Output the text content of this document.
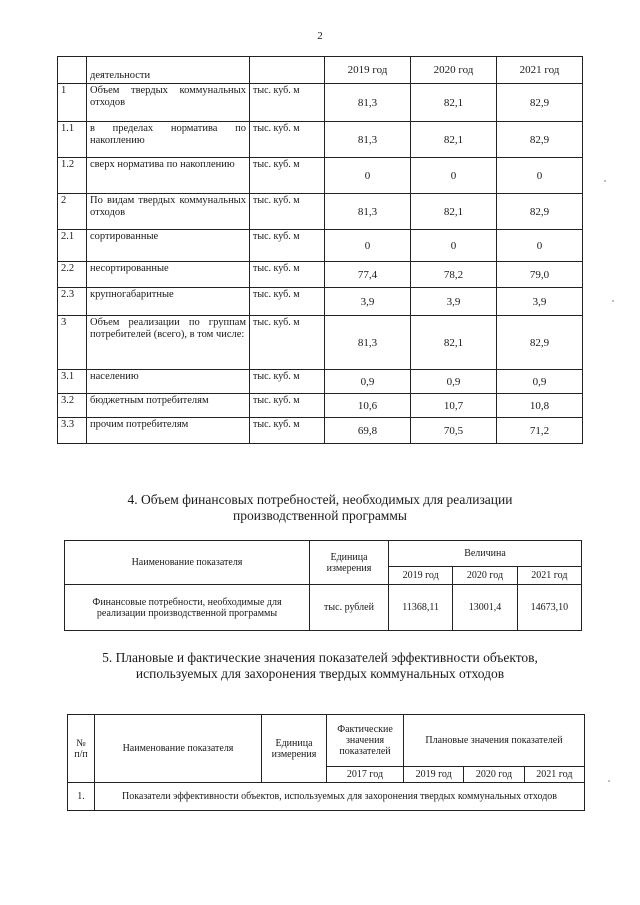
2
	деятельности		2019 год	2020 год	2021 год
1	Объем твердых коммунальных отходов	тыс. куб. м	81,3	82,1	82,9
1.1	в пределах норматива по накоплению	тыс. куб. м	81,3	82,1	82,9
1.2	сверх норматива по накоплению	тыс. куб. м	0	0	0
2	По видам твердых коммунальных отходов	тыс. куб. м	81,3	82,1	82,9
2.1	сортированные	тыс. куб. м	0	0	0
2.2	несортированные	тыс. куб. м	77,4	78,2	79,0
2.3	крупногабаритные	тыс. куб. м	3,9	3,9	3,9
3	Объем реализации по группам потребителей (всего), в том числе:	тыс. куб. м	81,3	82,1	82,9
3.1	населению	тыс. куб. м	0,9	0,9	0,9
3.2	бюджетным потребителям	тыс. куб. м	10,6	10,7	10,8
3.3	прочим потребителям	тыс. куб. м	69,8	70,5	71,2
4. Объем финансовых потребностей, необходимых для реализации
производственной программы
Наименование показателя	Единица измерения	Величина		
		2019 год	2020 год	2021 год
Финансовые потребности, необходимые для реализации производственной программы	тыс. рублей	11368,11	13001,4	14673,10
5. Плановые и фактические значения показателей эффективности объектов,
используемых для захоронения твердых коммунальных отходов
№ п/п	Наименование показателя	Единица измерения	Фактические значения показателей	Плановые значения показателей		
			2017 год	2019 год	2020 год	2021 год
1.	Показатели эффективности объектов, используемых для захоронения твердых коммунальных отходов					
